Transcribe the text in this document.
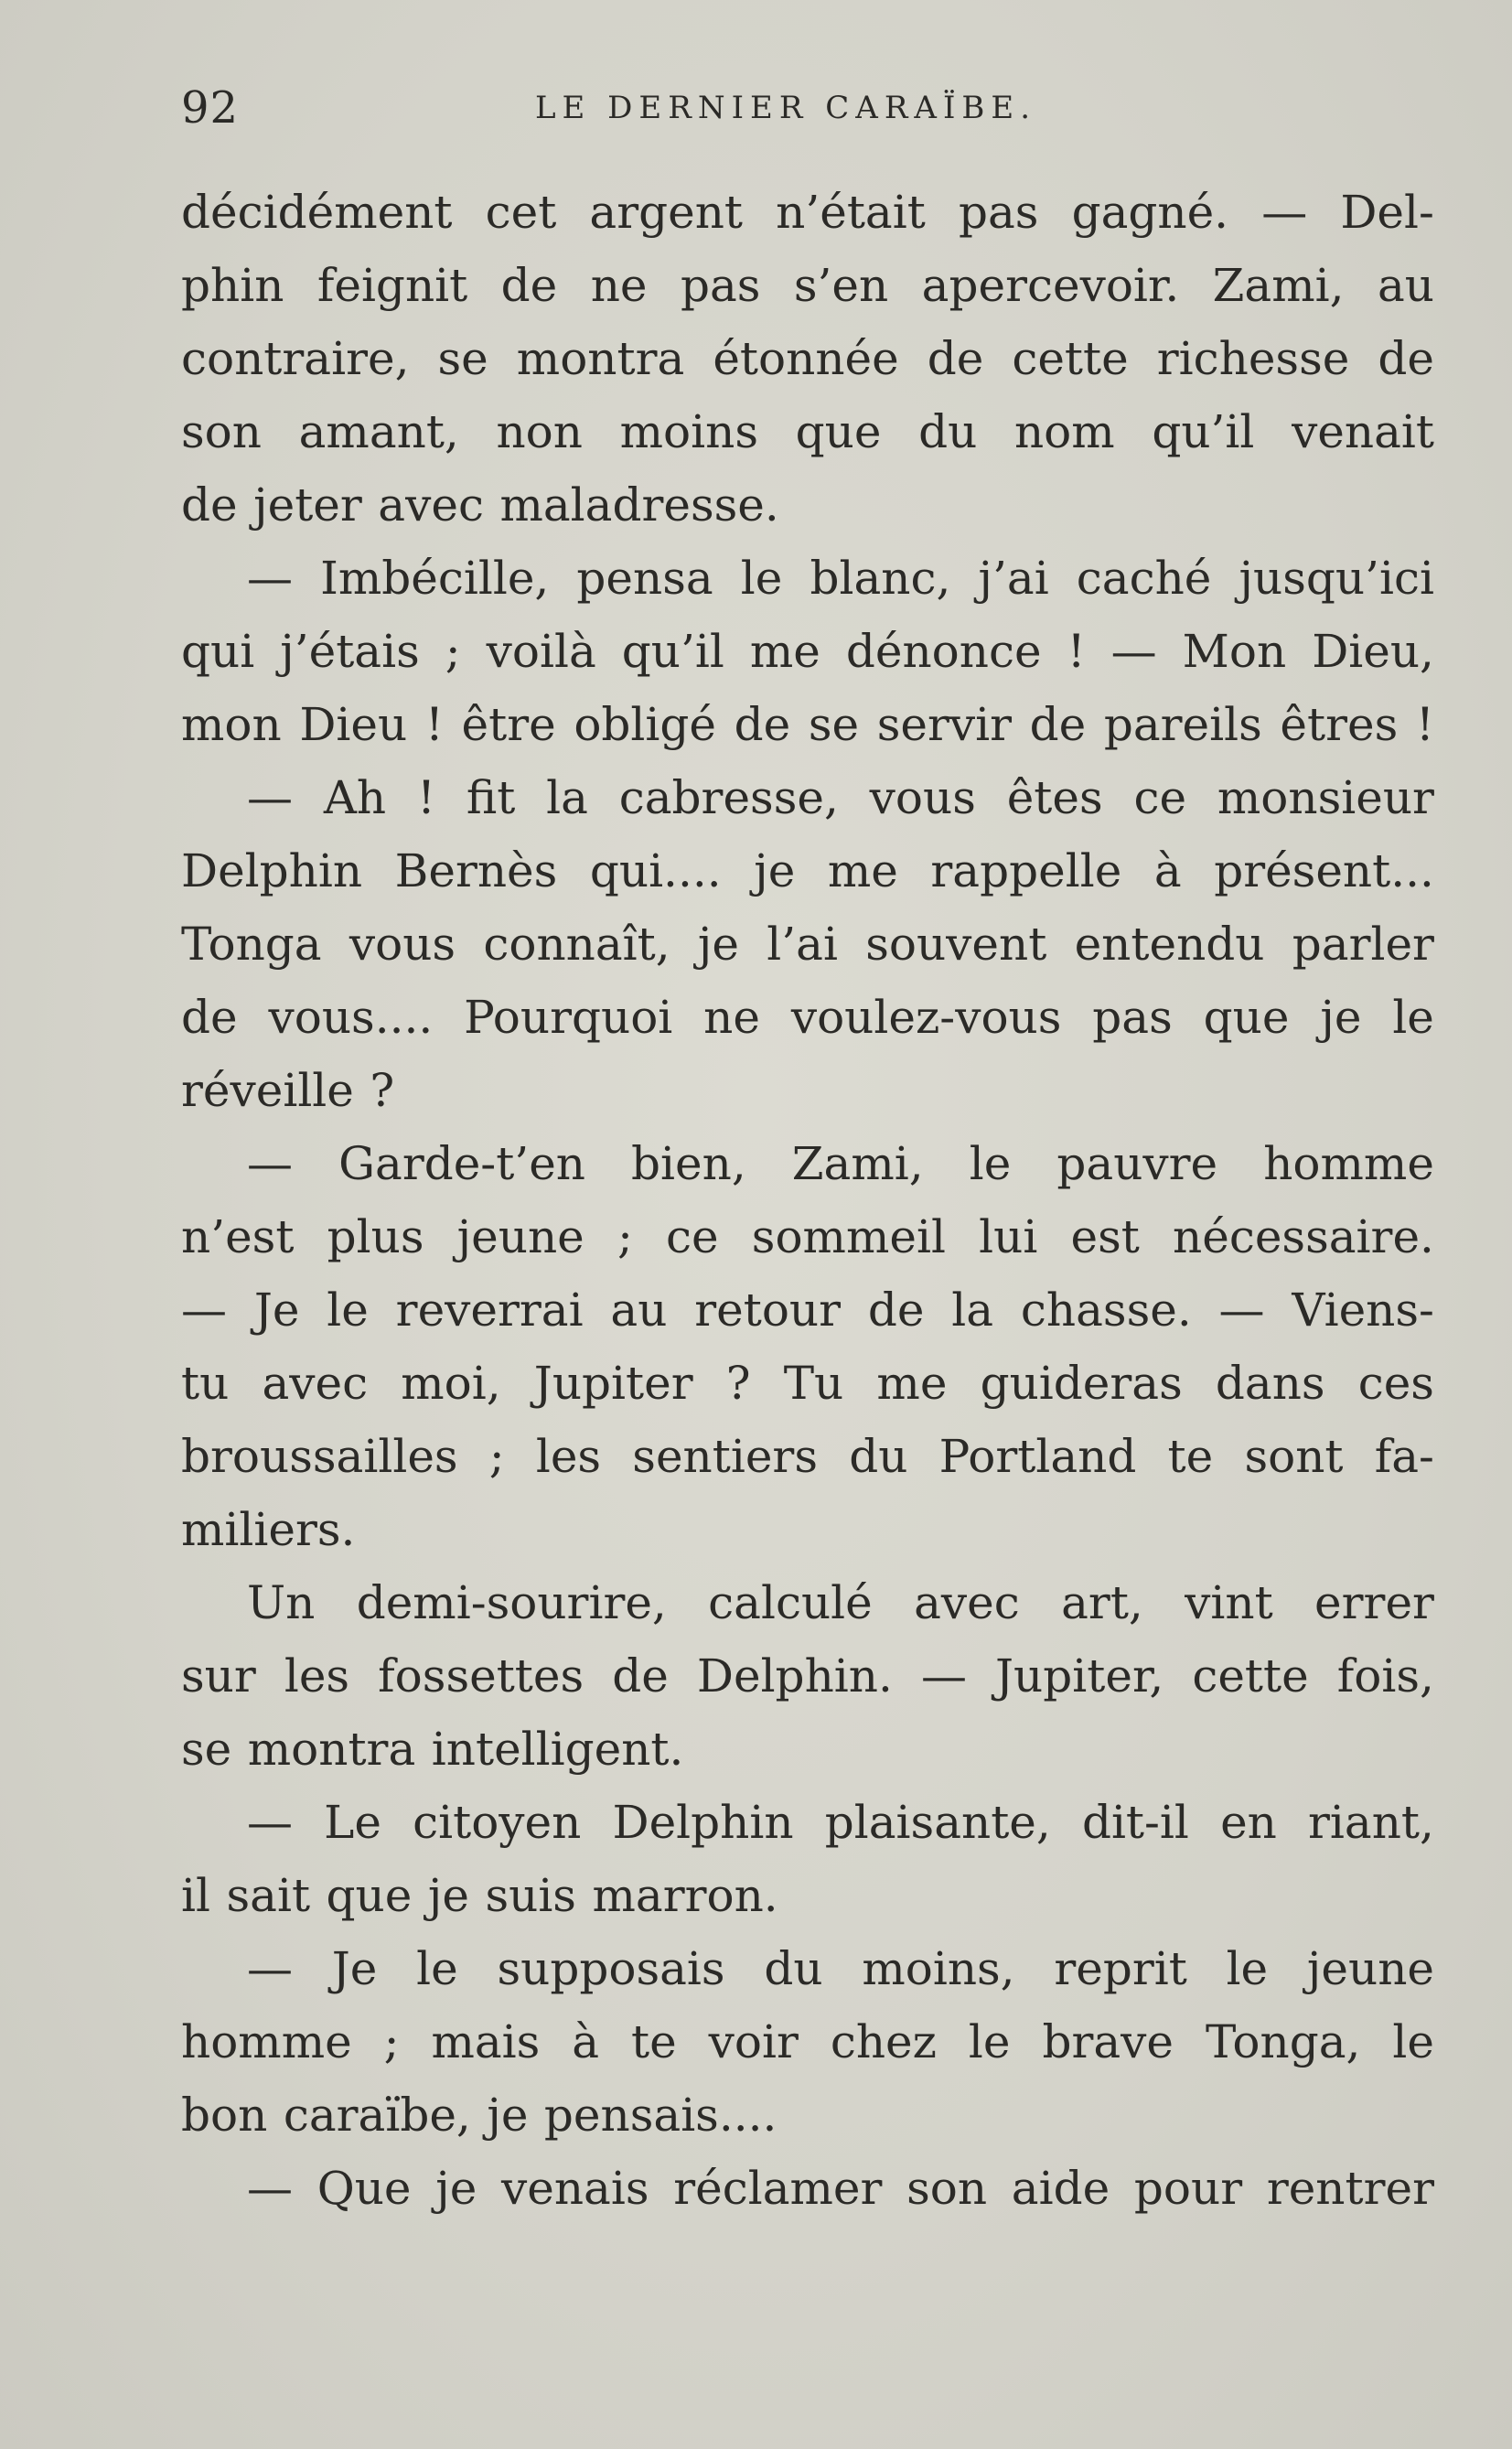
92	LE DERNIER CARAÏBE.
décidément cet argent n’était pas gagné. — Del-
phin feignit de ne pas s’en apercevoir. Zami, au
contraire, se montra étonnée de cette richesse de
son amant, non moins que du nom qu’il venait
de jeter avec maladresse.
— Imbécille, pensa le blanc, j’ai caché jusqu’ici
qui j’étais ; voilà qu’il me dénonce ! — Mon Dieu,
mon Dieu ! être obligé de se servir de pareils êtres !
— Ah ! fit la cabresse, vous êtes ce monsieur
Delphin Bernès qui.... je me rappelle à présent...
Tonga vous connaît, je l’ai souvent entendu parler
de vous.... Pourquoi ne voulez-vous pas que je le
réveille ?
— Garde-t’en bien, Zami, le pauvre homme
n’est plus jeune ; ce sommeil lui est nécessaire.
— Je le reverrai au retour de la chasse. — Viens-
tu avec moi, Jupiter ? Tu me guideras dans ces
broussailles ; les sentiers du Portland te sont fa-
miliers.
Un demi-sourire, calculé avec art, vint errer
sur les fossettes de Delphin. — Jupiter, cette fois,
se montra intelligent.
— Le citoyen Delphin plaisante, dit-il en riant,
il sait que je suis marron.
— Je le supposais du moins, reprit le jeune
homme ; mais à te voir chez le brave Tonga, le
bon caraïbe, je pensais....
— Que je venais réclamer son aide pour rentrer
